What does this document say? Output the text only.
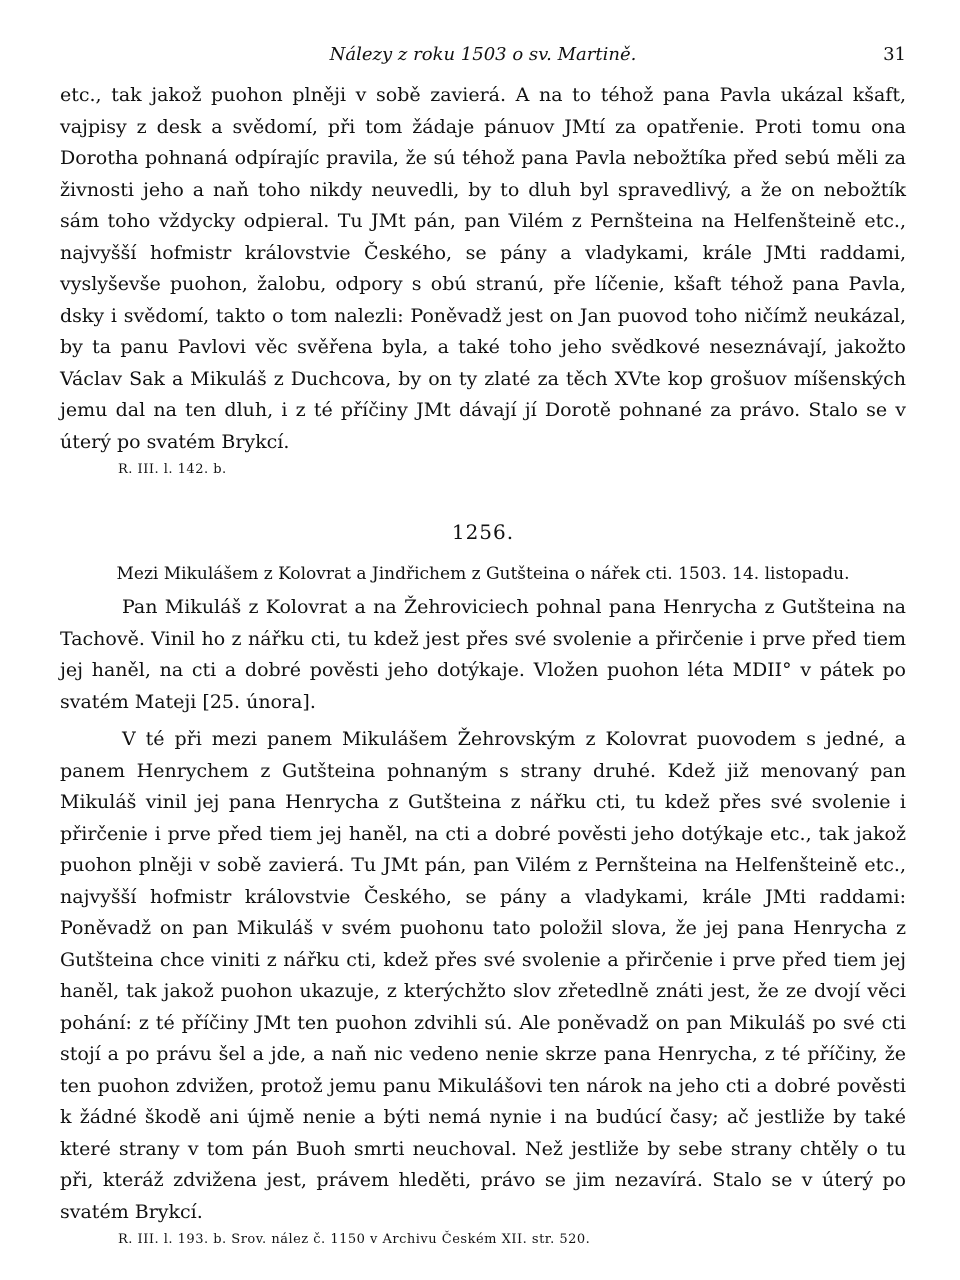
Nálezy z roku 1503 o sv. Martině.	31

etc., tak jakož puohon plněji v sobě zavierá. A na to téhož pana Pavla ukázal kšaft, vajpisy z desk a svědomí, při tom žádaje pánuov JMtí za opatřenie. Proti tomu ona Dorotha pohnaná odpírajíc pravila, že sú téhož pana Pavla nebožtíka před sebú měli za živnosti jeho a naň toho nikdy neuvedli, by to dluh byl spravedlivý, a že on nebožtík sám toho vždycky odpieral. Tu JMt pán, pan Vilém z Pernšteina na Helfenšteině etc., najvyšší hofmistr královstvie Českého, se pány a vladykami, krále JMti raddami, vyslyševše puohon, žalobu, odpory s obú stranú, pře líčenie, kšaft téhož pana Pavla, dsky i svědomí, takto o tom nalezli: Poněvadž jest on Jan puovod toho ničímž neukázal, by ta panu Pavlovi věc svěřena byla, a také toho jeho svědkové neseznávají, jakožto Václav Sak a Mikuláš z Duchcova, by on ty zlaté za těch XVte kop grošuov míšenských jemu dal na ten dluh, i z té příčiny JMt dávají jí Dorotě pohnané za právo. Stalo se v úterý po svatém Brykcí.

R. III. l. 142. b.
1256.
Mezi Mikulášem z Kolovrat a Jindřichem z Gutšteina o nářek cti. 1503. 14. listopadu.

Pan Mikuláš z Kolovrat a na Žehroviciech pohnal pana Henrycha z Gutšteina na Tachově. Vinil ho z nářku cti, tu kdež jest přes své svolenie a přirčenie i prve před tiem jej haněl, na cti a dobré pověsti jeho dotýkaje. Vložen puohon léta MDII° v pátek po svatém Mateji [25. února].

V té při mezi panem Mikulášem Žehrovským z Kolovrat puovodem s jedné, a panem Henrychem z Gutšteina pohnaným s strany druhé. Kdež již menovaný pan Mikuláš vinil jej pana Henrycha z Gutšteina z nářku cti, tu kdež přes své svolenie i přirčenie i prve před tiem jej haněl, na cti a dobré pověsti jeho dotýkaje etc., tak jakož puohon plněji v sobě zavierá. Tu JMt pán, pan Vilém z Pernšteina na Helfenšteině etc., najvyšší hofmistr královstvie Českého, se pány a vladykami, krále JMti raddami: Poněvadž on pan Mikuláš v svém puohonu tato položil slova, že jej pana Henrycha z Gutšteina chce viniti z nářku cti, kdež přes své svolenie a přirčenie i prve před tiem jej haněl, tak jakož puohon ukazuje, z kterýchžto slov zřetedlně znáti jest, že ze dvojí věci pohání: z té příčiny JMt ten puohon zdvihli sú. Ale poněvadž on pan Mikuláš po své cti stojí a po právu šel a jde, a naň nic vedeno nenie skrze pana Henrycha, z té příčiny, že ten puohon zdvižen, protož jemu panu Mikulášovi ten nárok na jeho cti a dobré pověsti k žádné škodě ani újmě nenie a býti nemá nynie i na budúcí časy; ač jestliže by také které strany v tom pán Buoh smrti neuchoval. Než jestliže by sebe strany chtěly o tu při, kteráž zdvižena jest, právem hleděti, právo se jim nezavírá. Stalo se v úterý po svatém Brykcí.

R. III. l. 193. b. Srov. nález č. 1150 v Archivu Českém XII. str. 520.
